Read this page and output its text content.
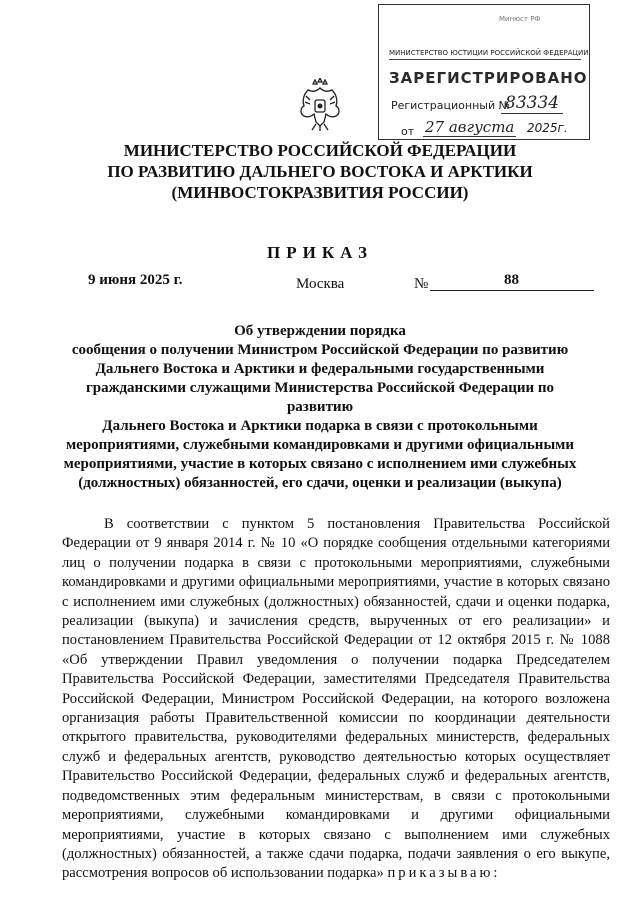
Минюст РФ
МИНИСТЕРСТВО ЮСТИЦИИ РОССИЙСКОЙ ФЕДЕРАЦИИ
ЗАРЕГИСТРИРОВАНО
Регистрационный №
83334
от 27 августа 2025г.
МИНИСТЕРСТВО РОССИЙСКОЙ ФЕДЕРАЦИИ
ПО РАЗВИТИЮ ДАЛЬНЕГО ВОСТОКА И АРКТИКИ
(МИНВОСТОКРАЗВИТИЯ РОССИИ)
ПРИКАЗ
9 июня 2025 г.	Москва	№	88
Об утверждении порядка
сообщения о получении Министром Российской Федерации по развитию
Дальнего Востока и Арктики и федеральными государственными
гражданскими служащими Министерства Российской Федерации по развитию
Дальнего Востока и Арктики подарка в связи с протокольными
мероприятиями, служебными командировками и другими официальными
мероприятиями, участие в которых связано с исполнением ими служебных
(должностных) обязанностей, его сдачи, оценки и реализации (выкупа)
В соответствии с пунктом 5 постановления Правительства Российской Федерации от 9 января 2014 г. № 10 «О порядке сообщения отдельными категориями лиц о получении подарка в связи с протокольными мероприятиями, служебными командировками и другими официальными мероприятиями, участие в которых связано с исполнением ими служебных (должностных) обязанностей, сдачи и оценки подарка, реализации (выкупа) и зачисления средств, вырученных от его реализации» и постановлением Правительства Российской Федерации от 12 октября 2015 г. № 1088 «Об утверждении Правил уведомления о получении подарка Председателем Правительства Российской Федерации, заместителями Председателя Правительства Российской Федерации, Министром Российской Федерации, на которого возложена организация работы Правительственной комиссии по координации деятельности открытого правительства, руководителями федеральных министерств, федеральных служб и федеральных агентств, руководство деятельностью которых осуществляет Правительство Российской Федерации, федеральных служб и федеральных агентств, подведомственных этим федеральным министерствам, в связи с протокольными мероприятиями, служебными командировками и другими официальными мероприятиями, участие в которых связано с выполнением ими служебных (должностных) обязанностей, а также сдачи подарка, подачи заявления о его выкупе, рассмотрения вопросов об использовании подарка» приказываю:
